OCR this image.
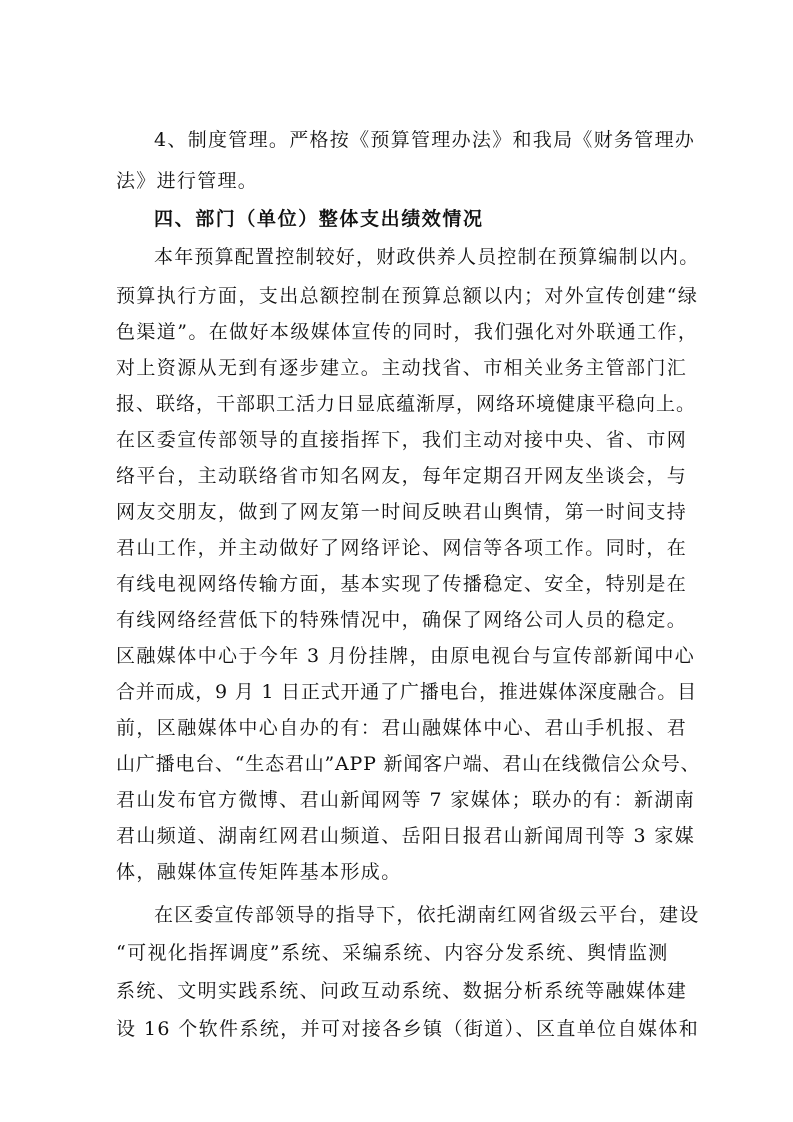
4、制度管理。严格按《预算管理办法》和我局《财务管理办
法》进行管理。
四、部门（单位）整体支出绩效情况
本年预算配置控制较好，财政供养人员控制在预算编制以内。
预算执行方面，支出总额控制在预算总额以内；对外宣传创建“绿
色渠道”。在做好本级媒体宣传的同时，我们强化对外联通工作，
对上资源从无到有逐步建立。主动找省、市相关业务主管部门汇
报、联络，干部职工活力日显底蕴渐厚，网络环境健康平稳向上。
在区委宣传部领导的直接指挥下，我们主动对接中央、省、市网
络平台，主动联络省市知名网友，每年定期召开网友坐谈会，与
网友交朋友，做到了网友第一时间反映君山舆情，第一时间支持
君山工作，并主动做好了网络评论、网信等各项工作。同时，在
有线电视网络传输方面，基本实现了传播稳定、安全，特别是在
有线网络经营低下的特殊情况中，确保了网络公司人员的稳定。
区融媒体中心于今年 3 月份挂牌，由原电视台与宣传部新闻中心
合并而成，9 月 1 日正式开通了广播电台，推进媒体深度融合。目
前，区融媒体中心自办的有：君山融媒体中心、君山手机报、君
山广播电台、“生态君山”APP 新闻客户端、君山在线微信公众号、
君山发布官方微博、君山新闻网等 7 家媒体；联办的有：新湖南
君山频道、湖南红网君山频道、岳阳日报君山新闻周刊等 3 家媒
体，融媒体宣传矩阵基本形成。
在区委宣传部领导的指导下，依托湖南红网省级云平台，建设
“可视化指挥调度”系统、采编系统、内容分发系统、舆情监测
系统、文明实践系统、问政互动系统、数据分析系统等融媒体建
设 16 个软件系统，并可对接各乡镇（街道）、区直单位自媒体和
